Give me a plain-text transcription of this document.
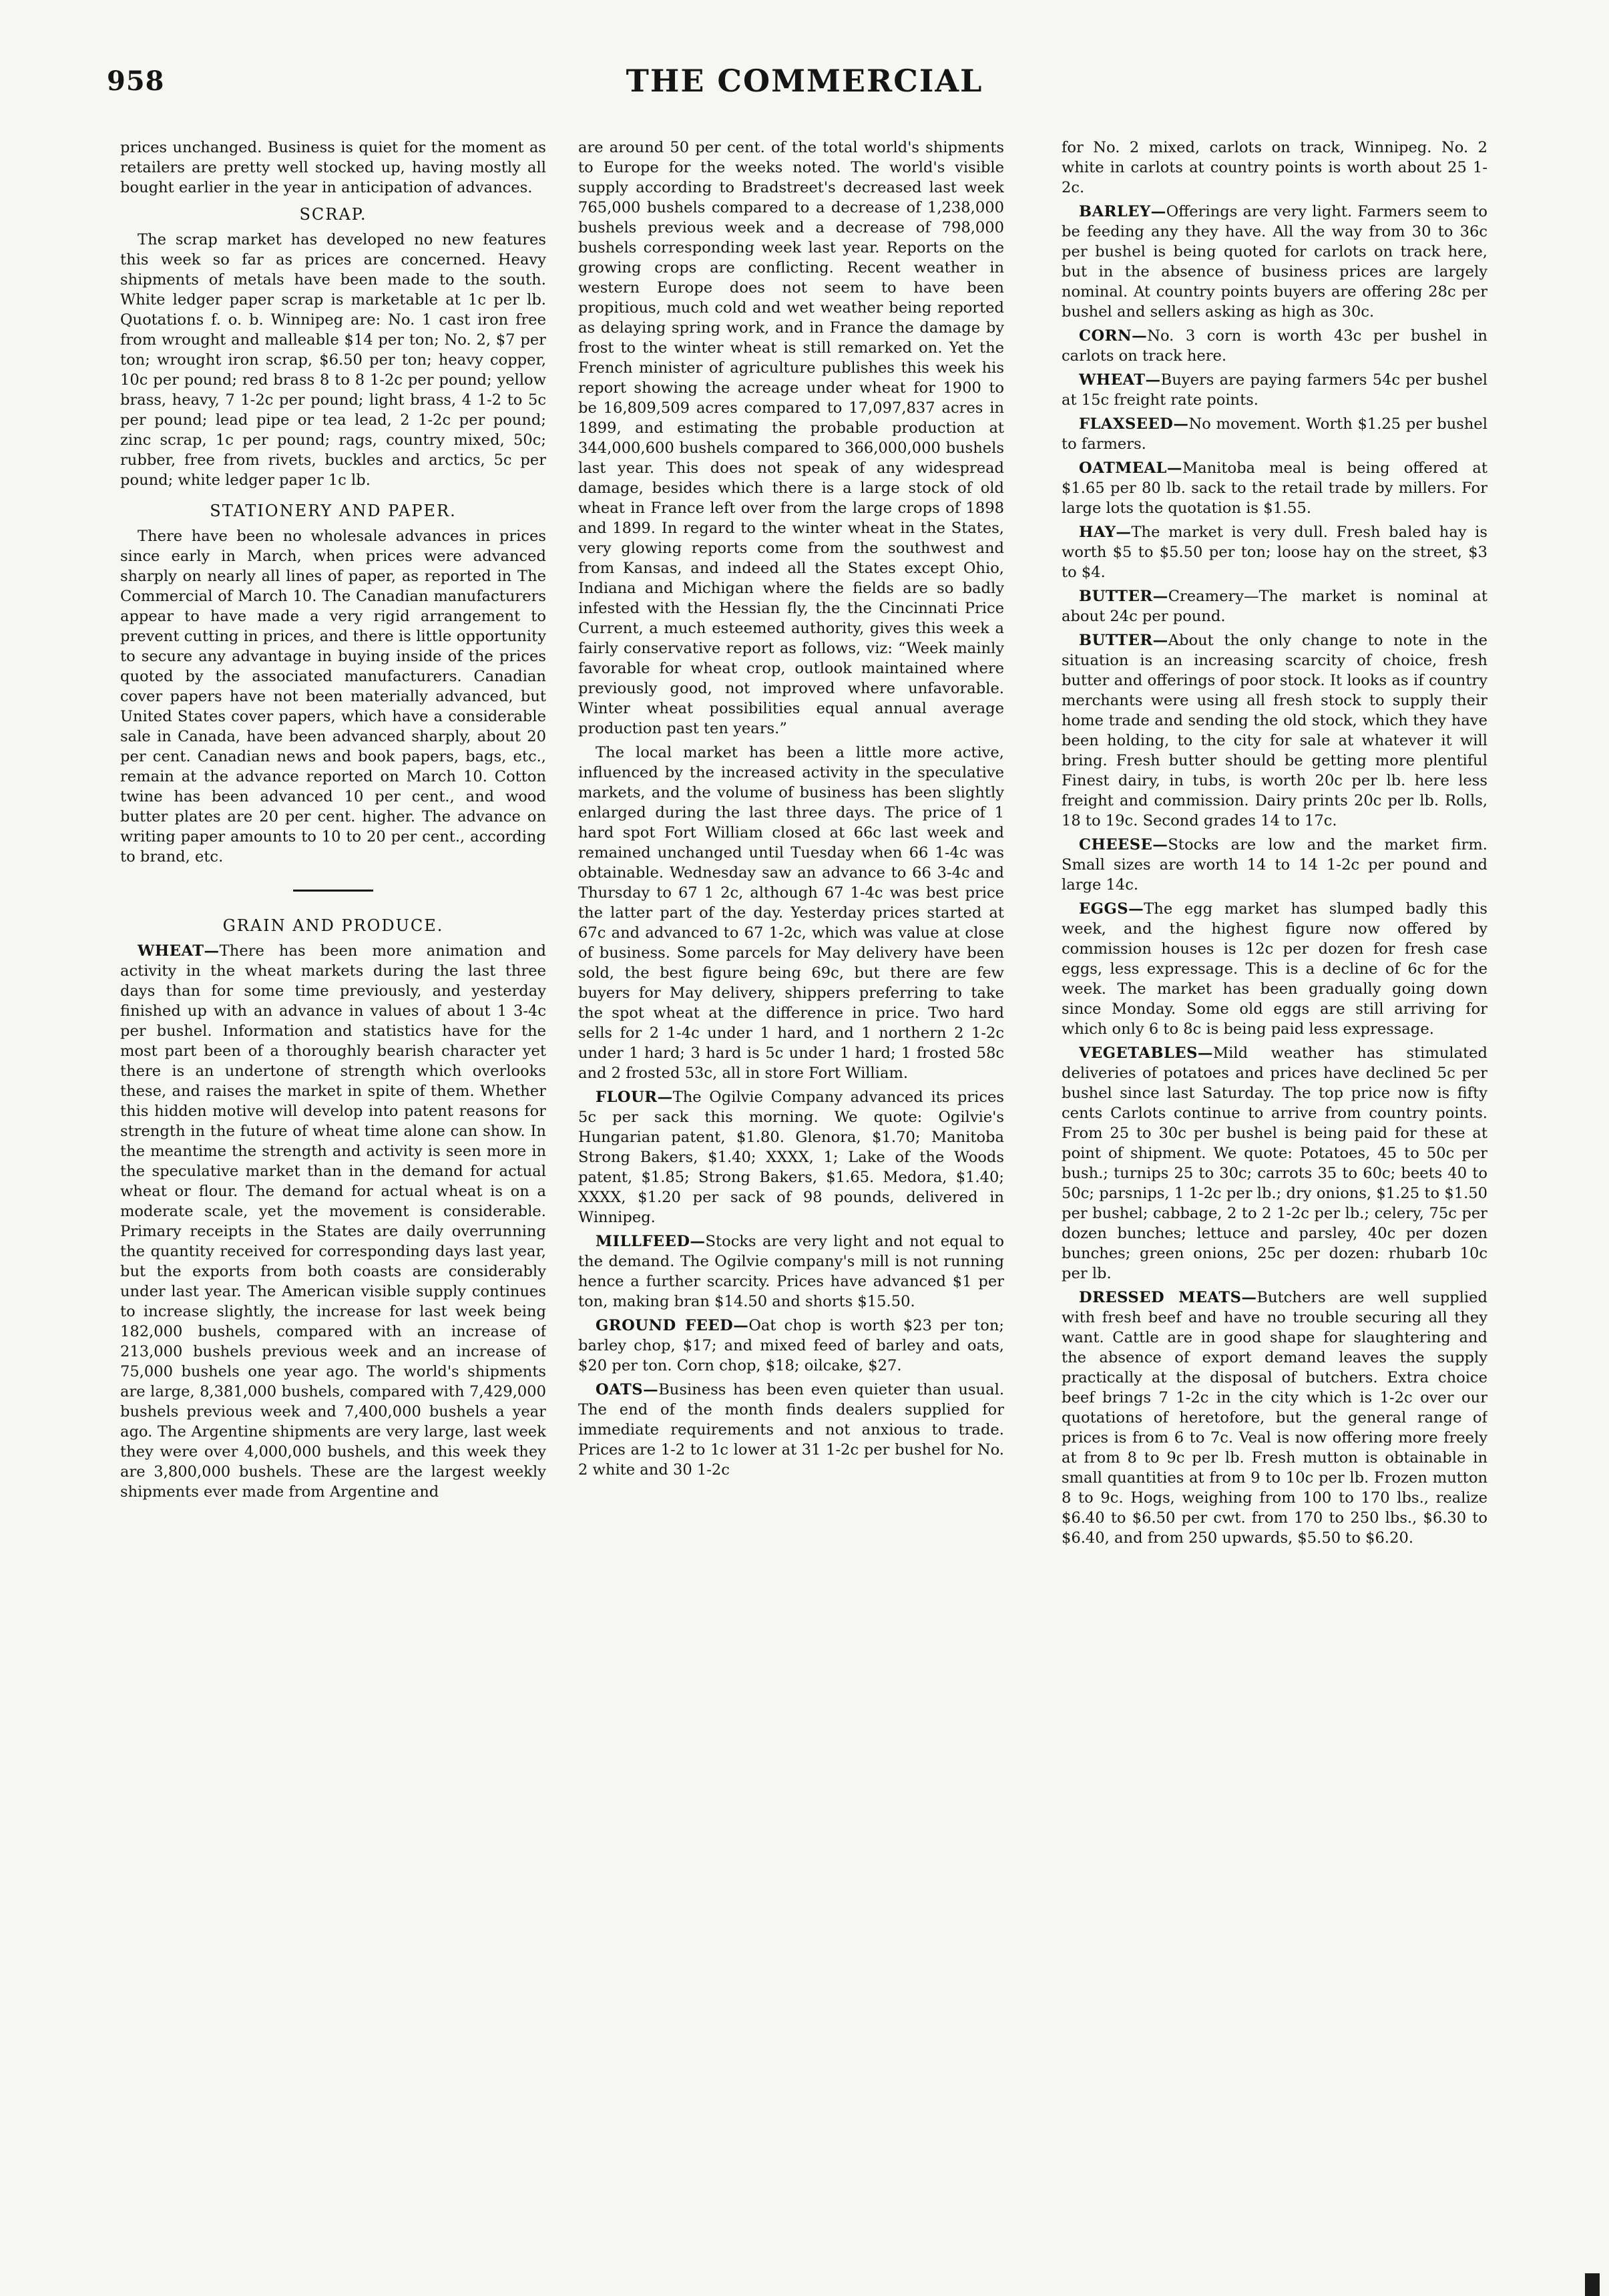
958	THE COMMERCIAL

prices unchanged. Business is quiet for the moment as retailers are pretty well stocked up, having mostly all bought earlier in the year in anticipation of advances.

SCRAP.

The scrap market has developed no new features this week so far as prices are concerned. Heavy shipments of metals have been made to the south. White ledger paper scrap is marketable at 1c per lb. Quotations f. o. b. Winnipeg are: No. 1 cast iron free from wrought and malleable $14 per ton; No. 2, $7 per ton; wrought iron scrap, $6.50 per ton; heavy copper, 10c per pound; red brass 8 to 8 1-2c per pound; yellow brass, heavy, 7 1-2c per pound; light brass, 4 1-2 to 5c per pound; lead pipe or tea lead, 2 1-2c per pound; zinc scrap, 1c per pound; rags, country mixed, 50c; rubber, free from rivets, buckles and arctics, 5c per pound; white ledger paper 1c lb.

STATIONERY AND PAPER.

There have been no wholesale advances in prices since early in March, when prices were advanced sharply on nearly all lines of paper, as reported in The Commercial of March 10. The Canadian manufacturers appear to have made a very rigid arrangement to prevent cutting in prices, and there is little opportunity to secure any advantage in buying inside of the prices quoted by the associated manufacturers. Canadian cover papers have not been materially advanced, but United States cover papers, which have a considerable sale in Canada, have been advanced sharply, about 20 per cent. Canadian news and book papers, bags, etc., remain at the advance reported on March 10. Cotton twine has been advanced 10 per cent., and wood butter plates are 20 per cent. higher. The advance on writing paper amounts to 10 to 20 per cent., according to brand, etc.

GRAIN AND PRODUCE.

WHEAT—There has been more animation and activity in the wheat markets during the last three days than for some time previously, and yesterday finished up with an advance in values of about 1 3-4c per bushel. Information and statistics have for the most part been of a thoroughly bearish character yet there is an undertone of strength which overlooks these, and raises the market in spite of them. Whether this hidden motive will develop into patent reasons for strength in the future of wheat time alone can show. In the meantime the strength and activity is seen more in the speculative market than in the demand for actual wheat or flour. The demand for actual wheat is on a moderate scale, yet the movement is considerable. Primary receipts in the States are daily overrunning the quantity received for corresponding days last year, but the exports from both coasts are considerably under last year. The American visible supply continues to increase slightly, the increase for last week being 182,000 bushels, compared with an increase of 213,000 bushels previous week and an increase of 75,000 bushels one year ago. The world's shipments are large, 8,381,000 bushels, compared with 7,429,000 bushels previous week and 7,400,000 bushels a year ago. The Argentine shipments are very large, last week they were over 4,000,000 bushels, and this week they are 3,800,000 bushels. These are the largest weekly shipments ever made from Argentine and

are around 50 per cent. of the total world's shipments to Europe for the weeks noted. The world's visible supply according to Bradstreet's decreased last week 765,000 bushels compared to a decrease of 1,238,000 bushels previous week and a decrease of 798,000 bushels corresponding week last year. Reports on the growing crops are conflicting. Recent weather in western Europe does not seem to have been propitious, much cold and wet weather being reported as delaying spring work, and in France the damage by frost to the winter wheat is still remarked on. Yet the French minister of agriculture publishes this week his report showing the acreage under wheat for 1900 to be 16,809,509 acres compared to 17,097,837 acres in 1899, and estimating the probable production at 344,000,600 bushels compared to 366,000,000 bushels last year. This does not speak of any widespread damage, besides which there is a large stock of old wheat in France left over from the large crops of 1898 and 1899. In regard to the winter wheat in the States, very glowing reports come from the southwest and from Kansas, and indeed all the States except Ohio, Indiana and Michigan where the fields are so badly infested with the Hessian fly, the the Cincinnati Price Current, a much esteemed authority, gives this week a fairly conservative report as follows, viz: “Week mainly favorable for wheat crop, outlook maintained where previously good, not improved where unfavorable. Winter wheat possibilities equal annual average production past ten years.”

The local market has been a little more active, influenced by the increased activity in the speculative markets, and the volume of business has been slightly enlarged during the last three days. The price of 1 hard spot Fort William closed at 66c last week and remained unchanged until Tuesday when 66 1-4c was obtainable. Wednesday saw an advance to 66 3-4c and Thursday to 67 1 2c, although 67 1-4c was best price the latter part of the day. Yesterday prices started at 67c and advanced to 67 1-2c, which was value at close of business. Some parcels for May delivery have been sold, the best figure being 69c, but there are few buyers for May delivery, shippers preferring to take the spot wheat at the difference in price. Two hard sells for 2 1-4c under 1 hard, and 1 northern 2 1-2c under 1 hard; 3 hard is 5c under 1 hard; 1 frosted 58c and 2 frosted 53c, all in store Fort William.

FLOUR—The Ogilvie Company advanced its prices 5c per sack this morning. We quote: Ogilvie's Hungarian patent, $1.80. Glenora, $1.70; Manitoba Strong Bakers, $1.40; XXXX, 1; Lake of the Woods patent, $1.85; Strong Bakers, $1.65. Medora, $1.40; XXXX, $1.20 per sack of 98 pounds, delivered in Winnipeg.

MILLFEED—Stocks are very light and not equal to the demand. The Ogilvie company's mill is not running hence a further scarcity. Prices have advanced $1 per ton, making bran $14.50 and shorts $15.50.

GROUND FEED—Oat chop is worth $23 per ton; barley chop, $17; and mixed feed of barley and oats, $20 per ton. Corn chop, $18; oilcake, $27.

OATS—Business has been even quieter than usual. The end of the month finds dealers supplied for immediate requirements and not anxious to trade. Prices are 1-2 to 1c lower at 31 1-2c per bushel for No. 2 white and 30 1-2c

for No. 2 mixed, carlots on track, Winnipeg. No. 2 white in carlots at country points is worth about 25 1-2c.

BARLEY—Offerings are very light. Farmers seem to be feeding any they have. All the way from 30 to 36c per bushel is being quoted for carlots on track here, but in the absence of business prices are largely nominal. At country points buyers are offering 28c per bushel and sellers asking as high as 30c.

CORN—No. 3 corn is worth 43c per bushel in carlots on track here.

WHEAT—Buyers are paying farmers 54c per bushel at 15c freight rate points.

FLAXSEED—No movement. Worth $1.25 per bushel to farmers.

OATMEAL—Manitoba meal is being offered at $1.65 per 80 lb. sack to the retail trade by millers. For large lots the quotation is $1.55.

HAY—The market is very dull. Fresh baled hay is worth $5 to $5.50 per ton; loose hay on the street, $3 to $4.

BUTTER—Creamery—The market is nominal at about 24c per pound.

BUTTER—About the only change to note in the situation is an increasing scarcity of choice, fresh butter and offerings of poor stock. It looks as if country merchants were using all fresh stock to supply their home trade and sending the old stock, which they have been holding, to the city for sale at whatever it will bring. Fresh butter should be getting more plentiful Finest dairy, in tubs, is worth 20c per lb. here less freight and commission. Dairy prints 20c per lb. Rolls, 18 to 19c. Second grades 14 to 17c.

CHEESE—Stocks are low and the market firm. Small sizes are worth 14 to 14 1-2c per pound and large 14c.

EGGS—The egg market has slumped badly this week, and the highest figure now offered by commission houses is 12c per dozen for fresh case eggs, less expressage. This is a decline of 6c for the week. The market has been gradually going down since Monday. Some old eggs are still arriving for which only 6 to 8c is being paid less expressage.

VEGETABLES—Mild weather has stimulated deliveries of potatoes and prices have declined 5c per bushel since last Saturday. The top price now is fifty cents Carlots continue to arrive from country points. From 25 to 30c per bushel is being paid for these at point of shipment. We quote: Potatoes, 45 to 50c per bush.; turnips 25 to 30c; carrots 35 to 60c; beets 40 to 50c; parsnips, 1 1-2c per lb.; dry onions, $1.25 to $1.50 per bushel; cabbage, 2 to 2 1-2c per lb.; celery, 75c per dozen bunches; lettuce and parsley, 40c per dozen bunches; green onions, 25c per dozen: rhubarb 10c per lb.

DRESSED MEATS—Butchers are well supplied with fresh beef and have no trouble securing all they want. Cattle are in good shape for slaughtering and the absence of export demand leaves the supply practically at the disposal of butchers. Extra choice beef brings 7 1-2c in the city which is 1-2c over our quotations of heretofore, but the general range of prices is from 6 to 7c. Veal is now offering more freely at from 8 to 9c per lb. Fresh mutton is obtainable in small quantities at from 9 to 10c per lb. Frozen mutton 8 to 9c. Hogs, weighing from 100 to 170 lbs., realize $6.40 to $6.50 per cwt. from 170 to 250 lbs., $6.30 to $6.40, and from 250 upwards, $5.50 to $6.20.
